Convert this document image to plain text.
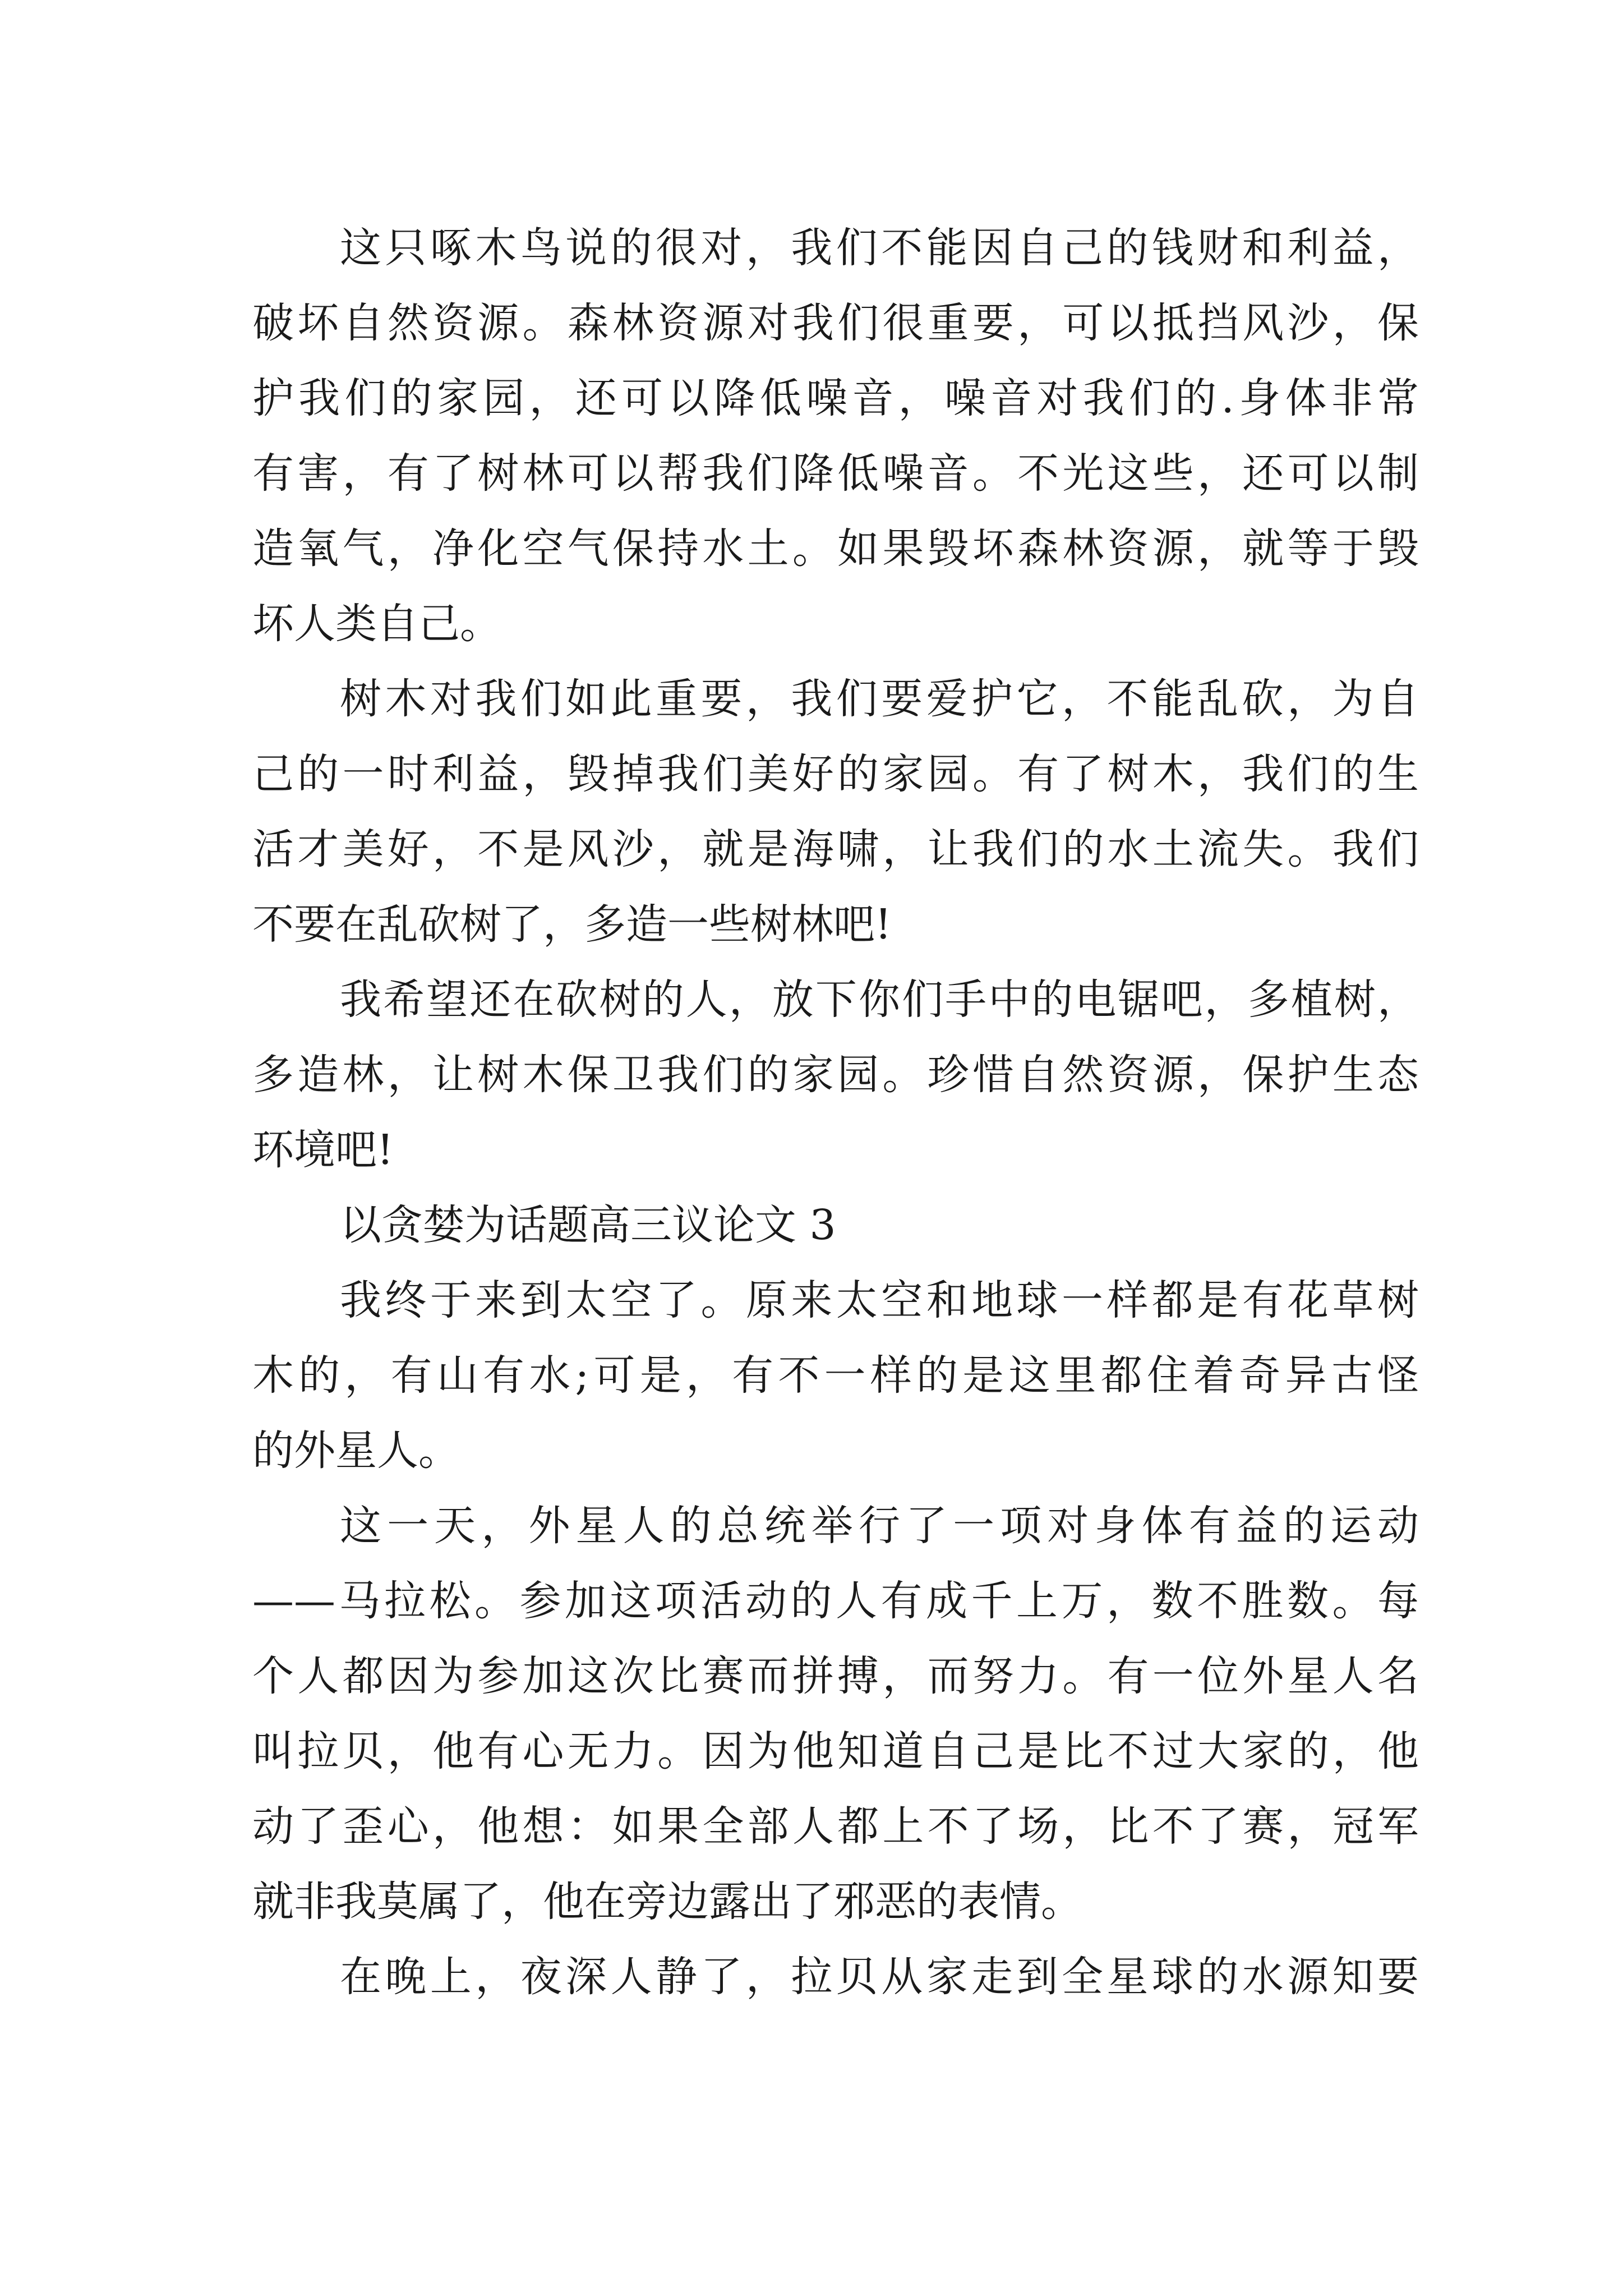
这只啄木鸟说的很对，我们不能因自己的钱财和利益，

破坏自然资源。森林资源对我们很重要，可以抵挡风沙，保

护我们的家园，还可以降低噪音，噪音对我们的.身体非常

有害，有了树林可以帮我们降低噪音。不光这些，还可以制

造氧气，净化空气保持水土。如果毁坏森林资源，就等于毁

坏人类自己。

树木对我们如此重要，我们要爱护它，不能乱砍，为自

己的一时利益，毁掉我们美好的家园。有了树木，我们的生

活才美好，不是风沙，就是海啸，让我们的水土流失。我们

不要在乱砍树了，多造一些树林吧!

我希望还在砍树的人，放下你们手中的电锯吧，多植树，

多造林，让树木保卫我们的家园。珍惜自然资源，保护生态

环境吧!

以贪婪为话题高三议论文 3

我终于来到太空了。原来太空和地球一样都是有花草树

木的，有山有水;可是，有不一样的是这里都住着奇异古怪

的外星人。

这一天，外星人的总统举行了一项对身体有益的运动

——马拉松。参加这项活动的人有成千上万，数不胜数。每

个人都因为参加这次比赛而拼搏，而努力。有一位外星人名

叫拉贝，他有心无力。因为他知道自己是比不过大家的，他

动了歪心，他想：如果全部人都上不了场，比不了赛，冠军

就非我莫属了，他在旁边露出了邪恶的表情。

在晚上，夜深人静了，拉贝从家走到全星球的水源知要
